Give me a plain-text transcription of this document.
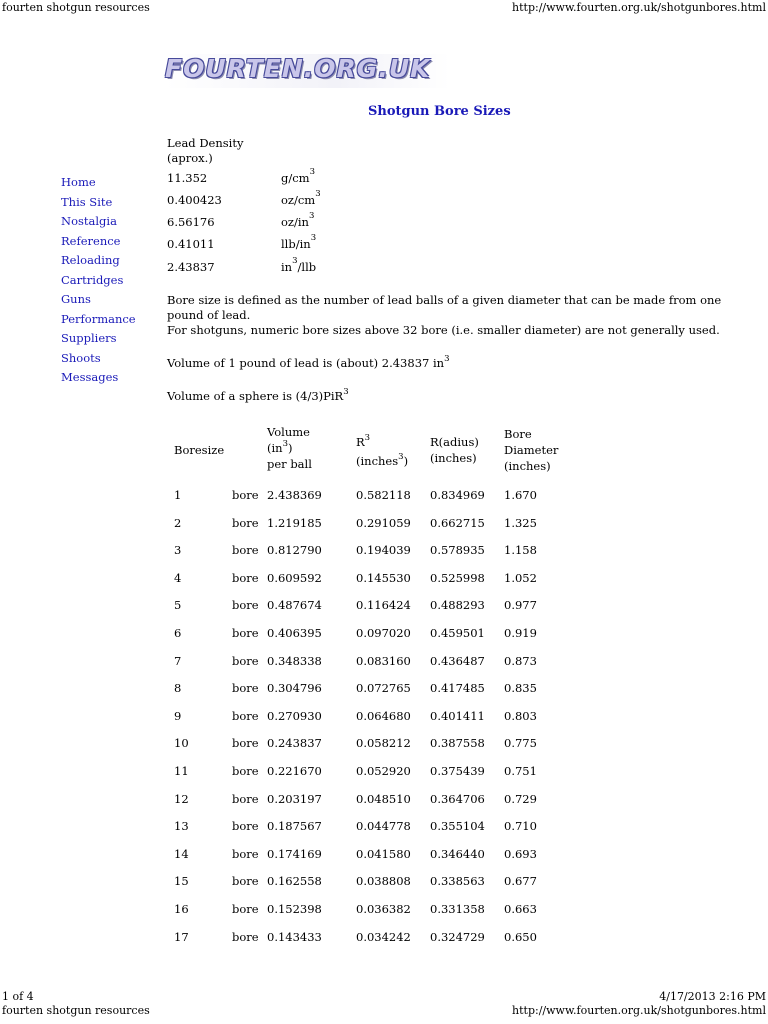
fourten shotgun resources	http://www.fourten.org.uk/shotgunbores.html
FOURTEN.ORG.UK
Shotgun Bore Sizes
Home
This Site
Nostalgia
Reference
Reloading
Cartridges
Guns
Performance
Suppliers
Shoots
Messages
Lead Density
(aprox.)
11.352	$g/cm^3$
0.400423	$oz/cm^3$
6.56176	$oz/in^3$
0.41011	llb/$in^3$
2.43837	$in^3$/llb
Bore size is defined as the number of lead balls of a given diameter that can be made from one
pound of lead.
For shotguns, numeric bore sizes above 32 bore (i.e. smaller diameter) are not generally used.
Volume of 1 pound of lead is (about) 2.43837 $in^3$
Volume of a sphere is (4/3)PiR$^3$
Boresize
Volume
$(in^3)$
per ball
$R^3$
(inches$^3$)
R(adius)
(inches)
Bore
Diameter
(inches)
1	bore 2.438369	0.582118 0.834969 1.670
2	bore 1.219185	0.291059 0.662715 1.325
3	bore 0.812790	0.194039 0.578935 1.158
4	bore 0.609592	0.145530 0.525998 1.052
5	bore 0.487674	0.116424 0.488293 0.977
6	bore 0.406395	0.097020 0.459501 0.919
7	bore 0.348338	0.083160 0.436487 0.873
8	bore 0.304796	0.072765 0.417485 0.835
9	bore 0.270930	0.064680 0.401411 0.803
10	bore 0.243837	0.058212 0.387558 0.775
11	bore 0.221670	0.052920 0.375439 0.751
12	bore 0.203197	0.048510 0.364706 0.729
13	bore 0.187567	0.044778 0.355104 0.710
14	bore 0.174169	0.041580 0.346440 0.693
15	bore 0.162558	0.038808 0.338563 0.677
16	bore 0.152398	0.036382 0.331358 0.663
17	bore 0.143433	0.034242 0.324729 0.650
1 of 4
fourten shotgun resources
4/17/2013 2:16 PM
http://www.fourten.org.uk/shotgunbores.html
